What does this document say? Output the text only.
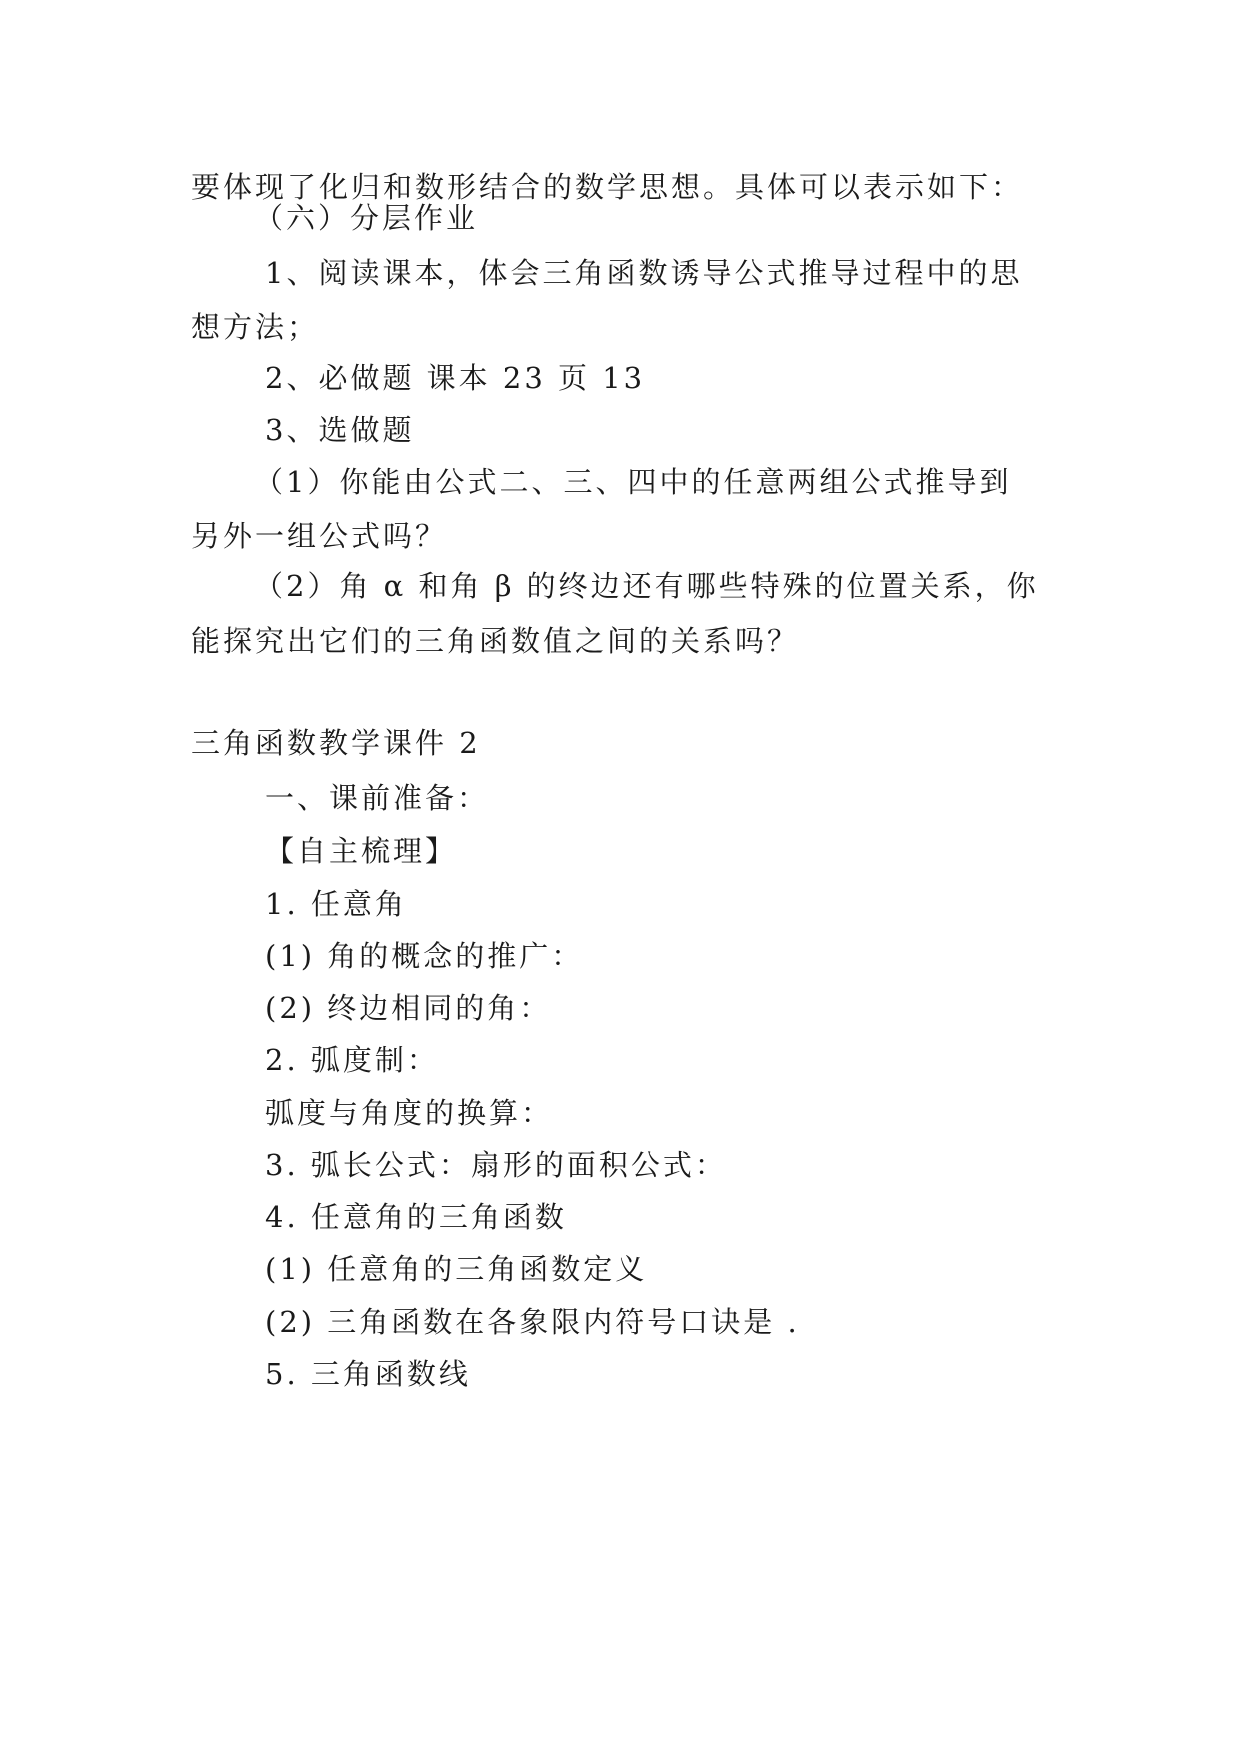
要体现了化归和数形结合的数学思想。具体可以表示如下：
（六）分层作业
1、阅读课本，体会三角函数诱导公式推导过程中的思
想方法；
2、必做题 课本 23 页 13
3、选做题
（1）你能由公式二、三、四中的任意两组公式推导到
另外一组公式吗？
（2）角 α 和角 β 的终边还有哪些特殊的位置关系，你
能探究出它们的三角函数值之间的关系吗？
三角函数教学课件 2
一、课前准备：
【自主梳理】
1. 任意角
(1) 角的概念的推广：
(2) 终边相同的角：
2. 弧度制：
弧度与角度的换算：
3. 弧长公式：扇形的面积公式：
4. 任意角的三角函数
(1) 任意角的三角函数定义
(2) 三角函数在各象限内符号口诀是 .
5. 三角函数线
